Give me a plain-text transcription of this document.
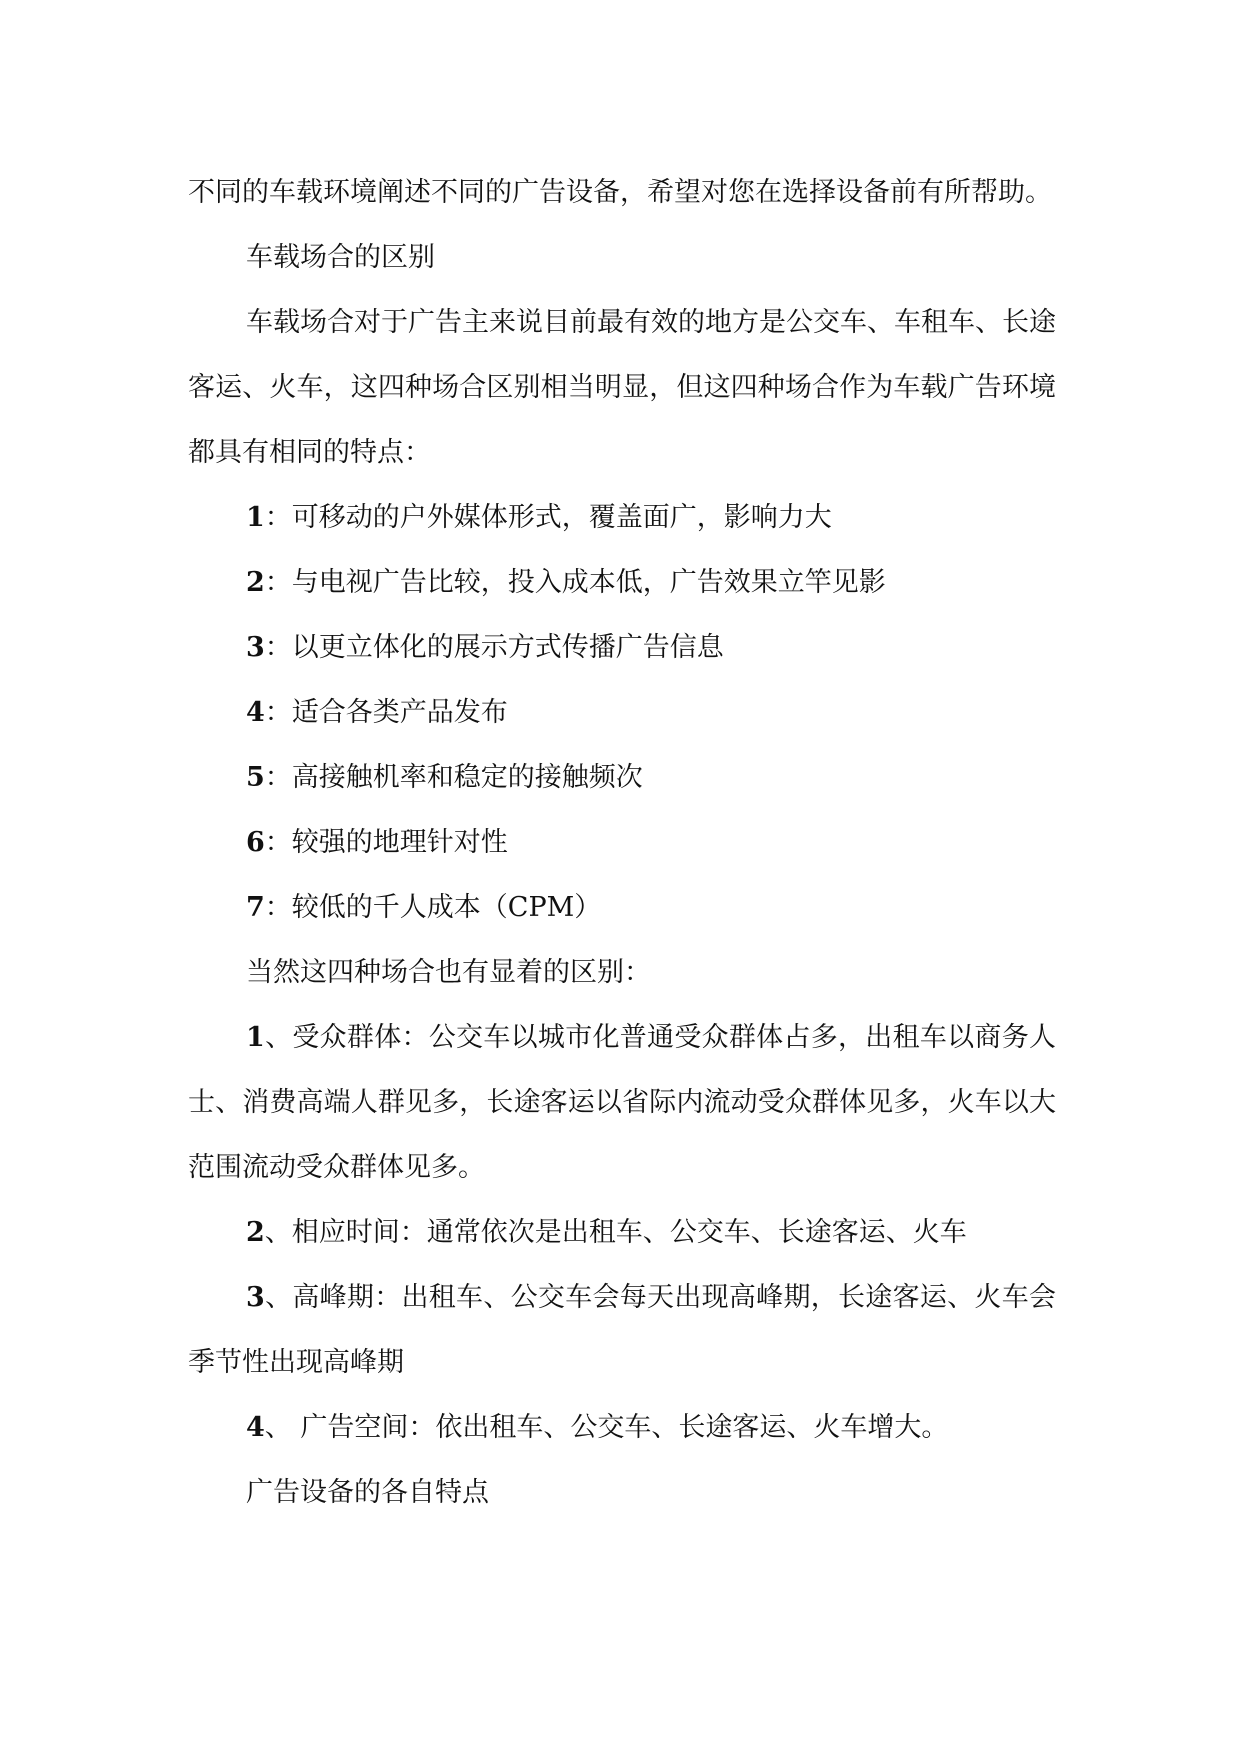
不同的车载环境阐述不同的广告设备，希望对您在选择设备前有所帮助。

车载场合的区别

车载场合对于广告主来说目前最有效的地方是公交车、车租车、长途客运、火车，这四种场合区别相当明显，但这四种场合作为车载广告环境都具有相同的特点：

1：可移动的户外媒体形式，覆盖面广，影响力大

2：与电视广告比较，投入成本低，广告效果立竿见影

3：以更立体化的展示方式传播广告信息

4：适合各类产品发布

5：高接触机率和稳定的接触频次

6：较强的地理针对性

7：较低的千人成本（CPM）

当然这四种场合也有显着的区别：

1、受众群体：公交车以城市化普通受众群体占多，出租车以商务人士、消费高端人群见多，长途客运以省际内流动受众群体见多，火车以大范围流动受众群体见多。

2、相应时间：通常依次是出租车、公交车、长途客运、火车

3、高峰期：出租车、公交车会每天出现高峰期，长途客运、火车会季节性出现高峰期

4、 广告空间：依出租车、公交车、长途客运、火车增大。

广告设备的各自特点
